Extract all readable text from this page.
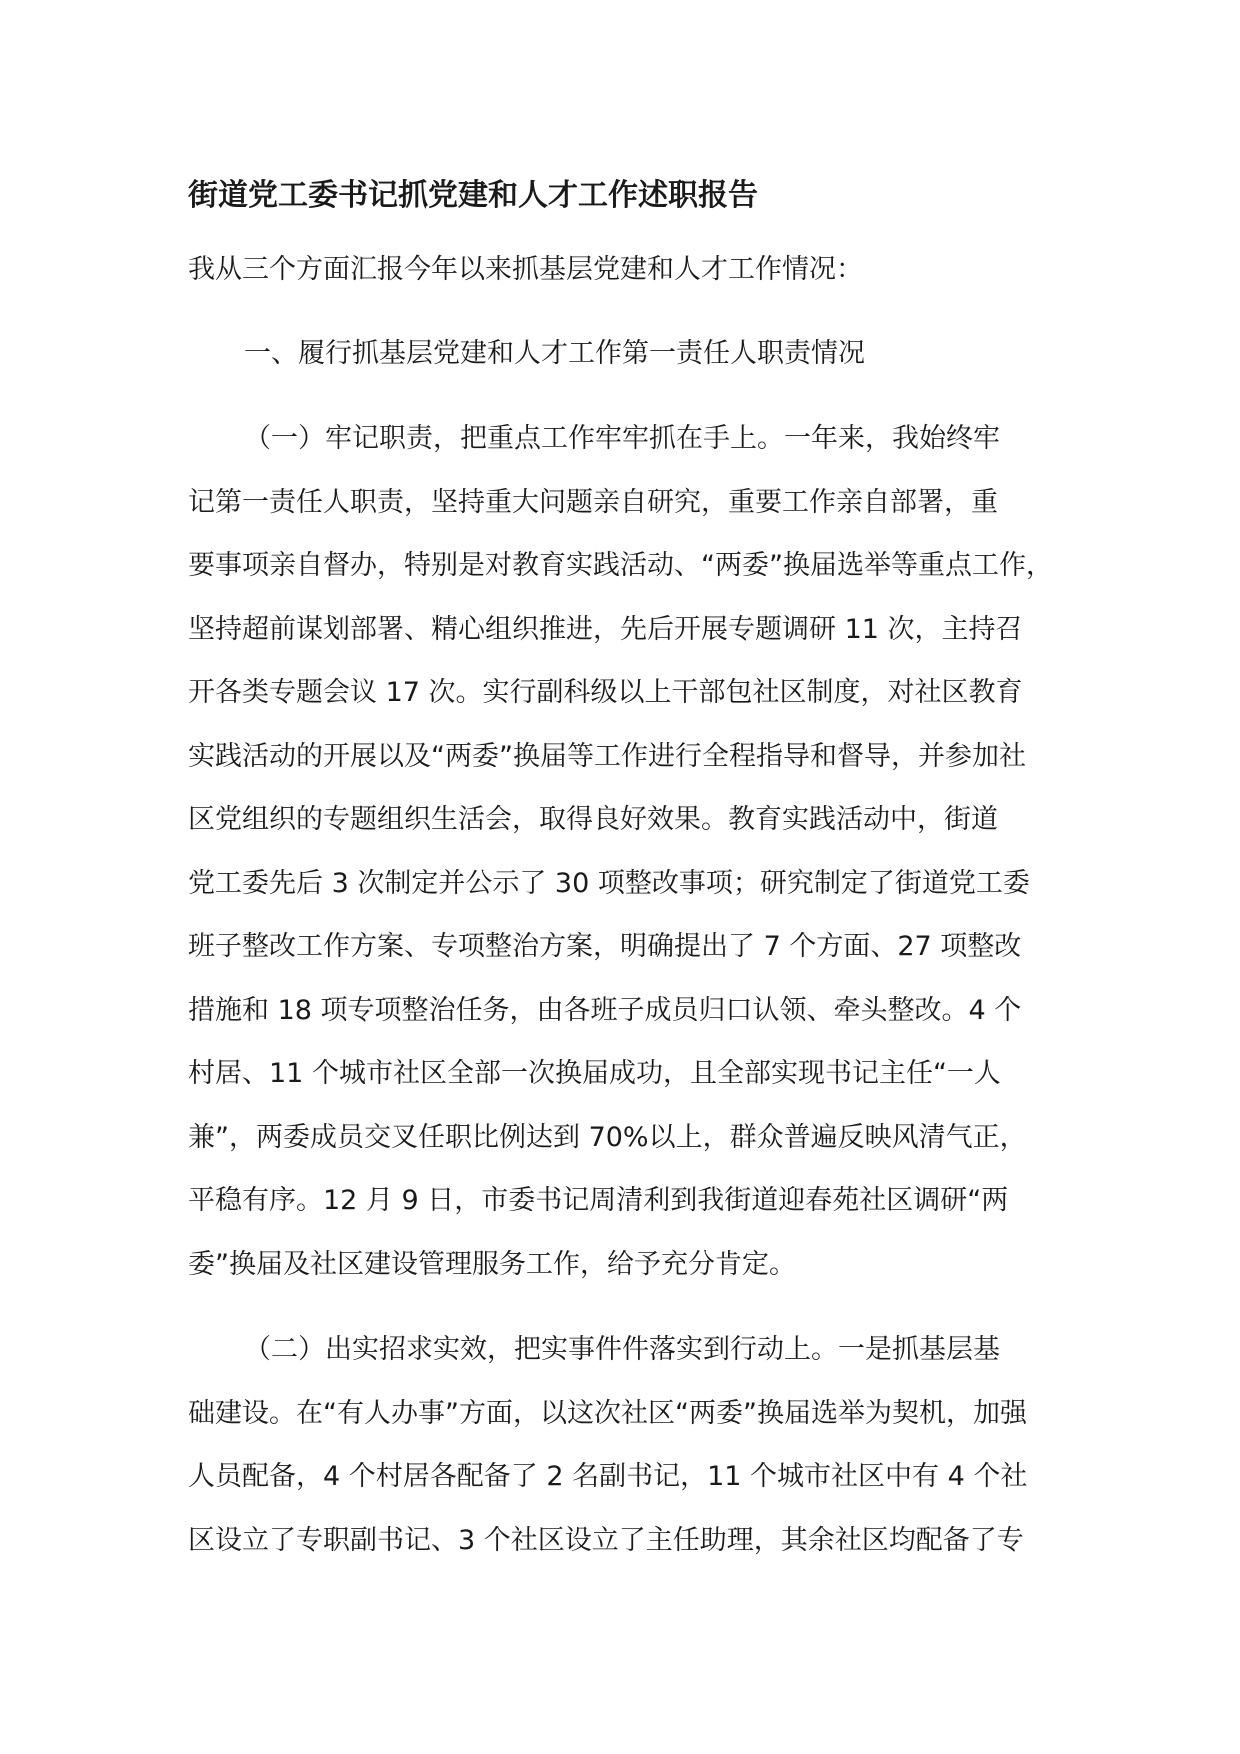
街道党工委书记抓党建和人才工作述职报告
我从三个方面汇报今年以来抓基层党建和人才工作情况：
一、履行抓基层党建和人才工作第一责任人职责情况
（一）牢记职责，把重点工作牢牢抓在手上。一年来，我始终牢
记第一责任人职责，坚持重大问题亲自研究，重要工作亲自部署，重
要事项亲自督办，特别是对教育实践活动、“两委”换届选举等重点工作，
坚持超前谋划部署、精心组织推进，先后开展专题调研 11 次，主持召
开各类专题会议 17 次。实行副科级以上干部包社区制度，对社区教育
实践活动的开展以及“两委”换届等工作进行全程指导和督导，并参加社
区党组织的专题组织生活会，取得良好效果。教育实践活动中，街道
党工委先后 3 次制定并公示了 30 项整改事项；研究制定了街道党工委
班子整改工作方案、专项整治方案，明确提出了 7 个方面、27 项整改
措施和 18 项专项整治任务，由各班子成员归口认领、牵头整改。4 个
村居、11 个城市社区全部一次换届成功，且全部实现书记主任“一人
兼”，两委成员交叉任职比例达到 70%以上，群众普遍反映风清气正，
平稳有序。12 月 9 日，市委书记周清利到我街道迎春苑社区调研“两
委”换届及社区建设管理服务工作，给予充分肯定。
（二）出实招求实效，把实事件件落实到行动上。一是抓基层基
础建设。在“有人办事”方面，以这次社区“两委”换届选举为契机，加强
人员配备，4 个村居各配备了 2 名副书记，11 个城市社区中有 4 个社
区设立了专职副书记、3 个社区设立了主任助理，其余社区均配备了专
